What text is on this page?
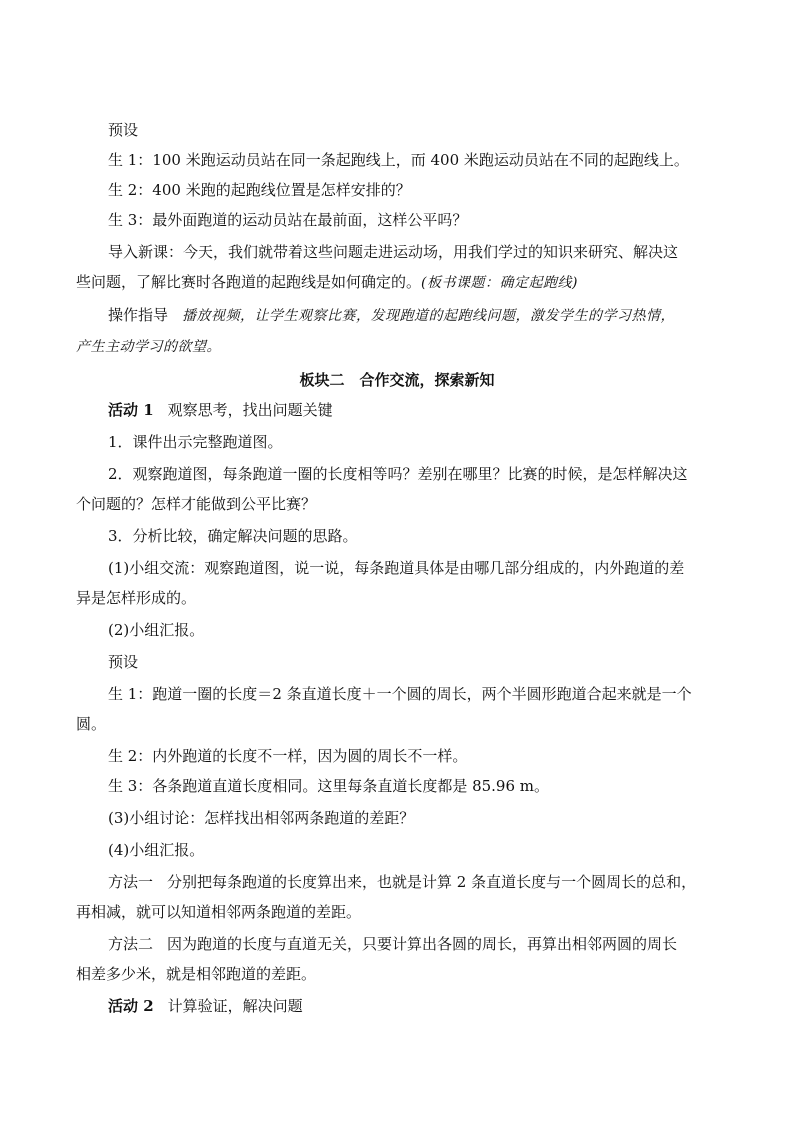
预设
生 1：100 米跑运动员站在同一条起跑线上，而 400 米跑运动员站在不同的起跑线上。
生 2：400 米跑的起跑线位置是怎样安排的？
生 3：最外面跑道的运动员站在最前面，这样公平吗？
导入新课：今天，我们就带着这些问题走进运动场，用我们学过的知识来研究、解决这
些问题，了解比赛时各跑道的起跑线是如何确定的。(板书课题：确定起跑线)
操作指导 播放视频，让学生观察比赛，发现跑道的起跑线问题，激发学生的学习热情，
产生主动学习的欲望。
板块二　合作交流，探索新知
活动 1 观察思考，找出问题关键
1．课件出示完整跑道图。
2．观察跑道图，每条跑道一圈的长度相等吗？差别在哪里？比赛的时候，是怎样解决这
个问题的？怎样才能做到公平比赛？
3．分析比较，确定解决问题的思路。
(1)小组交流：观察跑道图，说一说，每条跑道具体是由哪几部分组成的，内外跑道的差
异是怎样形成的。
(2)小组汇报。
预设
生 1：跑道一圈的长度＝2 条直道长度＋一个圆的周长，两个半圆形跑道合起来就是一个
圆。
生 2：内外跑道的长度不一样，因为圆的周长不一样。
生 3：各条跑道直道长度相同。这里每条直道长度都是 85.96 m。
(3)小组讨论：怎样找出相邻两条跑道的差距？
(4)小组汇报。
方法一 分别把每条跑道的长度算出来，也就是计算 2 条直道长度与一个圆周长的总和，
再相减，就可以知道相邻两条跑道的差距。
方法二 因为跑道的长度与直道无关，只要计算出各圆的周长，再算出相邻两圆的周长
相差多少米，就是相邻跑道的差距。
活动 2 计算验证，解决问题
